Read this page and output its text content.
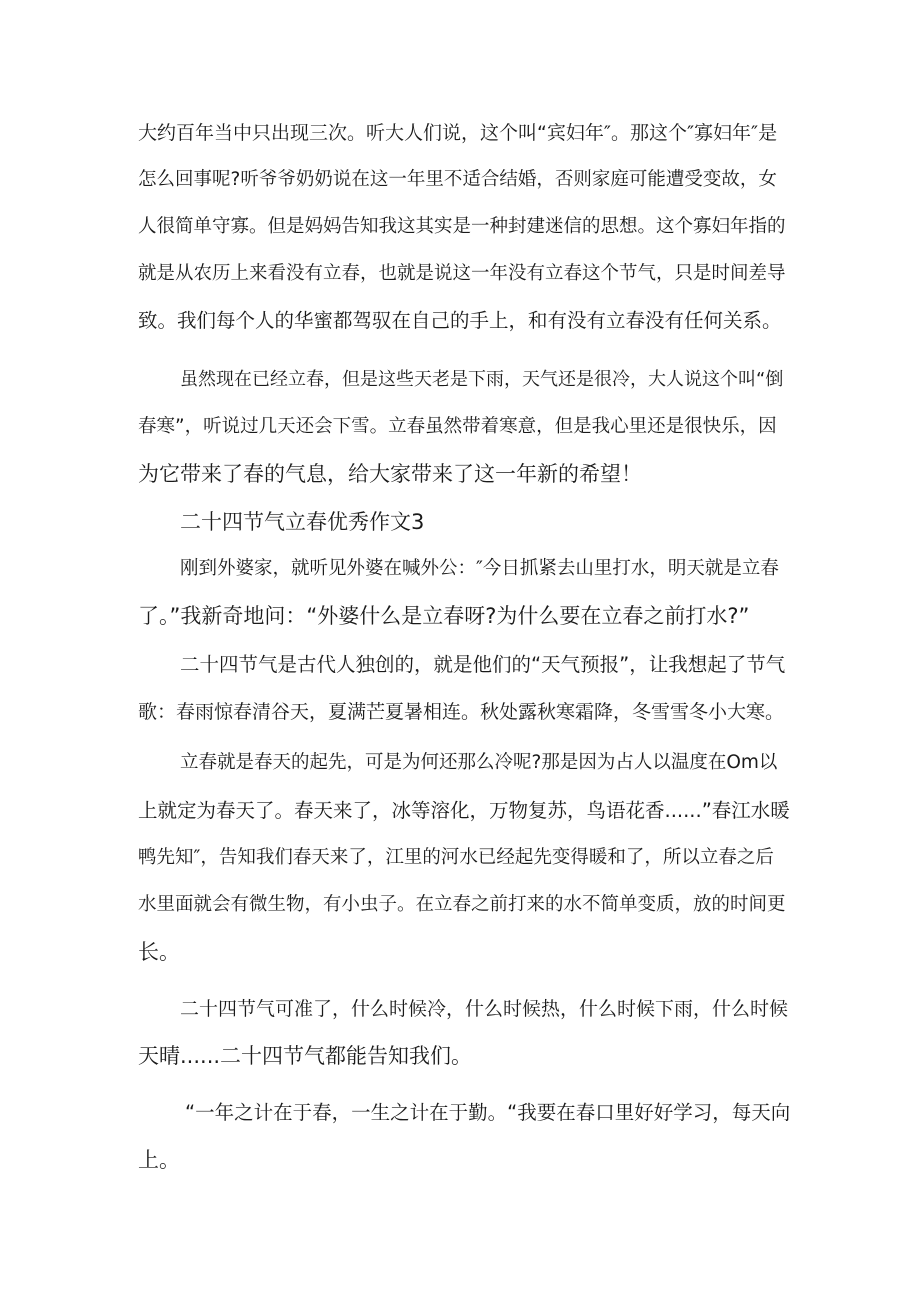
大约百年当中只出现三次。听大人们说，这个叫“宾妇年″。那这个″寡妇年″是

怎么回事呢?听爷爷奶奶说在这一年里不适合结婚，否则家庭可能遭受变故，女

人很简单守寡。但是妈妈告知我这其实是一种封建迷信的思想。这个寡妇年指的

就是从农历上来看没有立春，也就是说这一年没有立春这个节气，只是时间差导

致。我们每个人的华蜜都驾驭在自己的手上，和有没有立春没有任何关系。

虽然现在已经立春，但是这些天老是下雨，天气还是很冷，大人说这个叫“倒

春寒”，听说过几天还会下雪。立春虽然带着寒意，但是我心里还是很快乐，因

为它带来了春的气息，给大家带来了这一年新的希望！

二十四节气立春优秀作文3

刚到外婆家，就听见外婆在喊外公：″今日抓紧去山里打水，明天就是立春

了。”我新奇地问：“外婆什么是立春呀?为什么要在立春之前打水?”

二十四节气是古代人独创的，就是他们的“天气预报”，让我想起了节气

歌：春雨惊春清谷天，夏满芒夏暑相连。秋处露秋寒霜降，冬雪雪冬小大寒。

立春就是春天的起先，可是为何还那么冷呢?那是因为占人以温度在Om以

上就定为春天了。春天来了，冰等溶化，万物复苏，鸟语花香......”春江水暖

鸭先知″，告知我们春天来了，江里的河水已经起先变得暖和了，所以立春之后

水里面就会有微生物，有小虫子。在立春之前打来的水不简单变质，放的时间更

长。

二十四节气可准了，什么时候冷，什么时候热，什么时候下雨，什么时候

天晴......二十四节气都能告知我们。

“一年之计在于春，一生之计在于勤。“我要在春口里好好学习，每天向

上。
